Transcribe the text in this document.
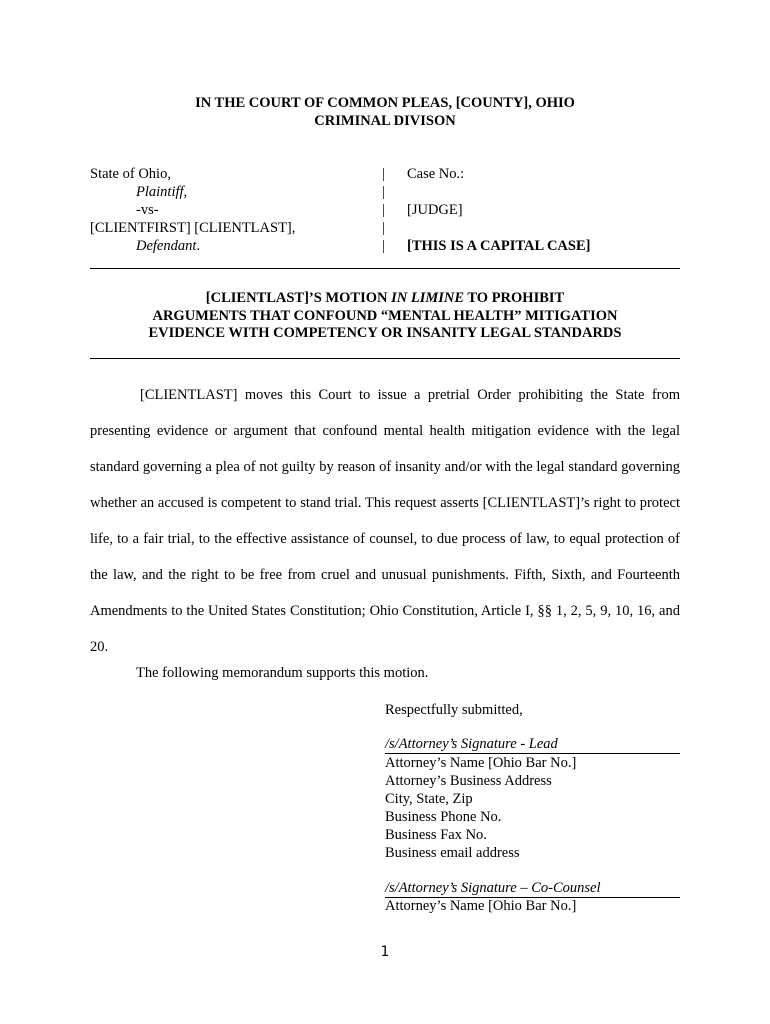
IN THE COURT OF COMMON PLEAS, [COUNTY], OHIO
CRIMINAL DIVISON
State of Ohio,
Plaintiff,
-vs-
[CLIENTFIRST] [CLIENTLAST],
Defendant.
|
|
|
|
|
Case No.:
[JUDGE]
[THIS IS A CAPITAL CASE]
[CLIENTLAST]’S MOTION IN LIMINE TO PROHIBIT
ARGUMENTS THAT CONFOUND “MENTAL HEALTH” MITIGATION
EVIDENCE WITH COMPETENCY OR INSANITY LEGAL STANDARDS
[CLIENTLAST] moves this Court to issue a pretrial Order prohibiting the State from presenting evidence or argument that confound mental health mitigation evidence with the legal standard governing a plea of not guilty by reason of insanity and/or with the legal standard governing whether an accused is competent to stand trial. This request asserts [CLIENTLAST]’s right to protect life, to a fair trial, to the effective assistance of counsel, to due process of law, to equal protection of the law, and the right to be free from cruel and unusual punishments. Fifth, Sixth, and Fourteenth Amendments to the United States Constitution; Ohio Constitution, Article I, §§ 1, 2, 5, 9, 10, 16, and 20.
The following memorandum supports this motion.
Respectfully submitted,
/s/Attorney’s Signature - Lead
Attorney’s Name [Ohio Bar No.]
Attorney’s Business Address
City, State, Zip
Business Phone No.
Business Fax No.
Business email address
/s/Attorney’s Signature – Co-Counsel
Attorney’s Name [Ohio Bar No.]
1
